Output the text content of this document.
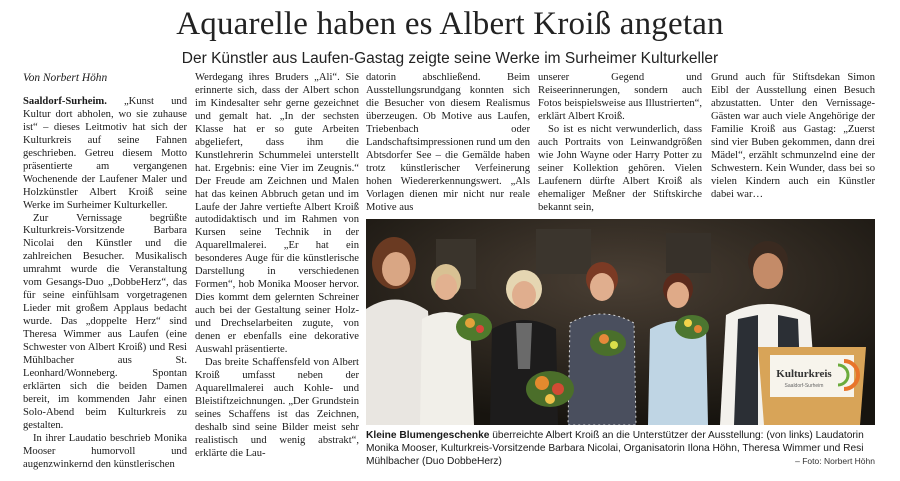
Aquarelle haben es Albert Kroiß angetan
Der Künstler aus Laufen-Gastag zeigte seine Werke im Surheimer Kulturkeller

Von Norbert Höhn

Saaldorf-Surheim. „Kunst und Kultur dort abholen, wo sie zuhause ist“ – dieses Leitmotiv hat sich der Kulturkreis auf seine Fahnen geschrieben. Getreu diesem Motto präsentierte am vergangenen Wochenende der Laufener Maler und Holzkünstler Albert Kroiß seine Werke im Surheimer Kulturkeller.

Zur Vernissage begrüßte Kulturkreis-Vorsitzende Barbara Nicolai den Künstler und die zahlreichen Besucher. Musikalisch umrahmt wurde die Veranstaltung vom Gesangs-Duo „DobbeHerz“, das für seine einfühlsam vorgetragenen Lieder mit großem Applaus bedacht wurde. Das „doppelte Herz“ sind Theresa Wimmer aus Laufen (eine Schwester von Albert Kroiß) und Resi Mühlbacher aus St. Leonhard/Wonneberg. Spontan erklärten sich die beiden Damen bereit, im kommenden Jahr einen Solo-Abend beim Kulturkreis zu gestalten.

In ihrer Laudatio beschrieb Monika Mooser humorvoll und augenzwinkernd den künstlerischen

Werdegang ihres Bruders „Ali“. Sie erinnerte sich, dass der Albert schon im Kindesalter sehr gerne gezeichnet und gemalt hat. „In der sechsten Klasse hat er so gute Arbeiten abgeliefert, dass ihm die Kunstlehrerin Schummelei unterstellt hat. Ergebnis: eine Vier im Zeugnis.“ Der Freude am Zeichnen und Malen hat das keinen Abbruch getan und im Laufe der Jahre vertiefte Albert Kroiß autodidaktisch und im Rahmen von Kursen seine Technik in der Aquarellmalerei. „Er hat ein besonderes Auge für die künstlerische Darstellung in verschiedenen Formen“, hob Monika Mooser hervor. Dies kommt dem gelernten Schreiner auch bei der Gestaltung seiner Holz- und Drechselarbeiten zugute, von denen er ebenfalls eine dekorative Auswahl präsentierte.

Das breite Schaffensfeld von Albert Kroiß umfasst neben der Aquarellmalerei auch Kohle- und Bleistiftzeichnungen. „Der Grundstein seines Schaffens ist das Zeichnen, deshalb sind seine Bilder meist sehr realistisch und wenig abstrakt“, erklärte die Lau-

datorin abschließend. Beim Ausstellungsrundgang konnten sich die Besucher von diesem Realismus überzeugen. Ob Motive aus Laufen, Triebenbach oder Landschaftsimpressionen rund um den Abtsdorfer See – die Gemälde haben trotz künstlerischer Verfeinerung hohen Wiedererkennungswert. „Als Vorlagen dienen mir nicht nur reale Motive aus

unserer Gegend und Reiseerinnerungen, sondern auch Fotos beispielsweise aus Illustrierten“, erklärt Albert Kroiß.

So ist es nicht verwunderlich, dass auch Portraits von Leinwandgrößen wie John Wayne oder Harry Potter zu seiner Kollektion gehören. Vielen Laufenern dürfte Albert Kroiß als ehemaliger Meßner der Stiftskirche bekannt sein,

Grund auch für Stiftsdekan Simon Eibl der Ausstellung einen Besuch abzustatten. Unter den Vernissage-Gästen war auch viele Angehörige der Familie Kroiß aus Gastag: „Zuerst sind vier Buben gekommen, dann drei Mädel“, erzählt schmunzelnd eine der Schwestern. Kein Wunder, dass bei so vielen Kindern auch ein Künstler dabei war…

Kulturkreis
Saaldorf-Surheim
Kleine Blumengeschenke überreichte Albert Kroiß an die Unterstützer der Ausstellung: (von links) Laudatorin Monika Mooser, Kulturkreis-Vorsitzende Barbara Nicolai, Organisatorin Ilona Höhn, Theresa Wimmer und Resi Mühlbacher (Duo DobbeHerz)	– Foto: Norbert Höhn
